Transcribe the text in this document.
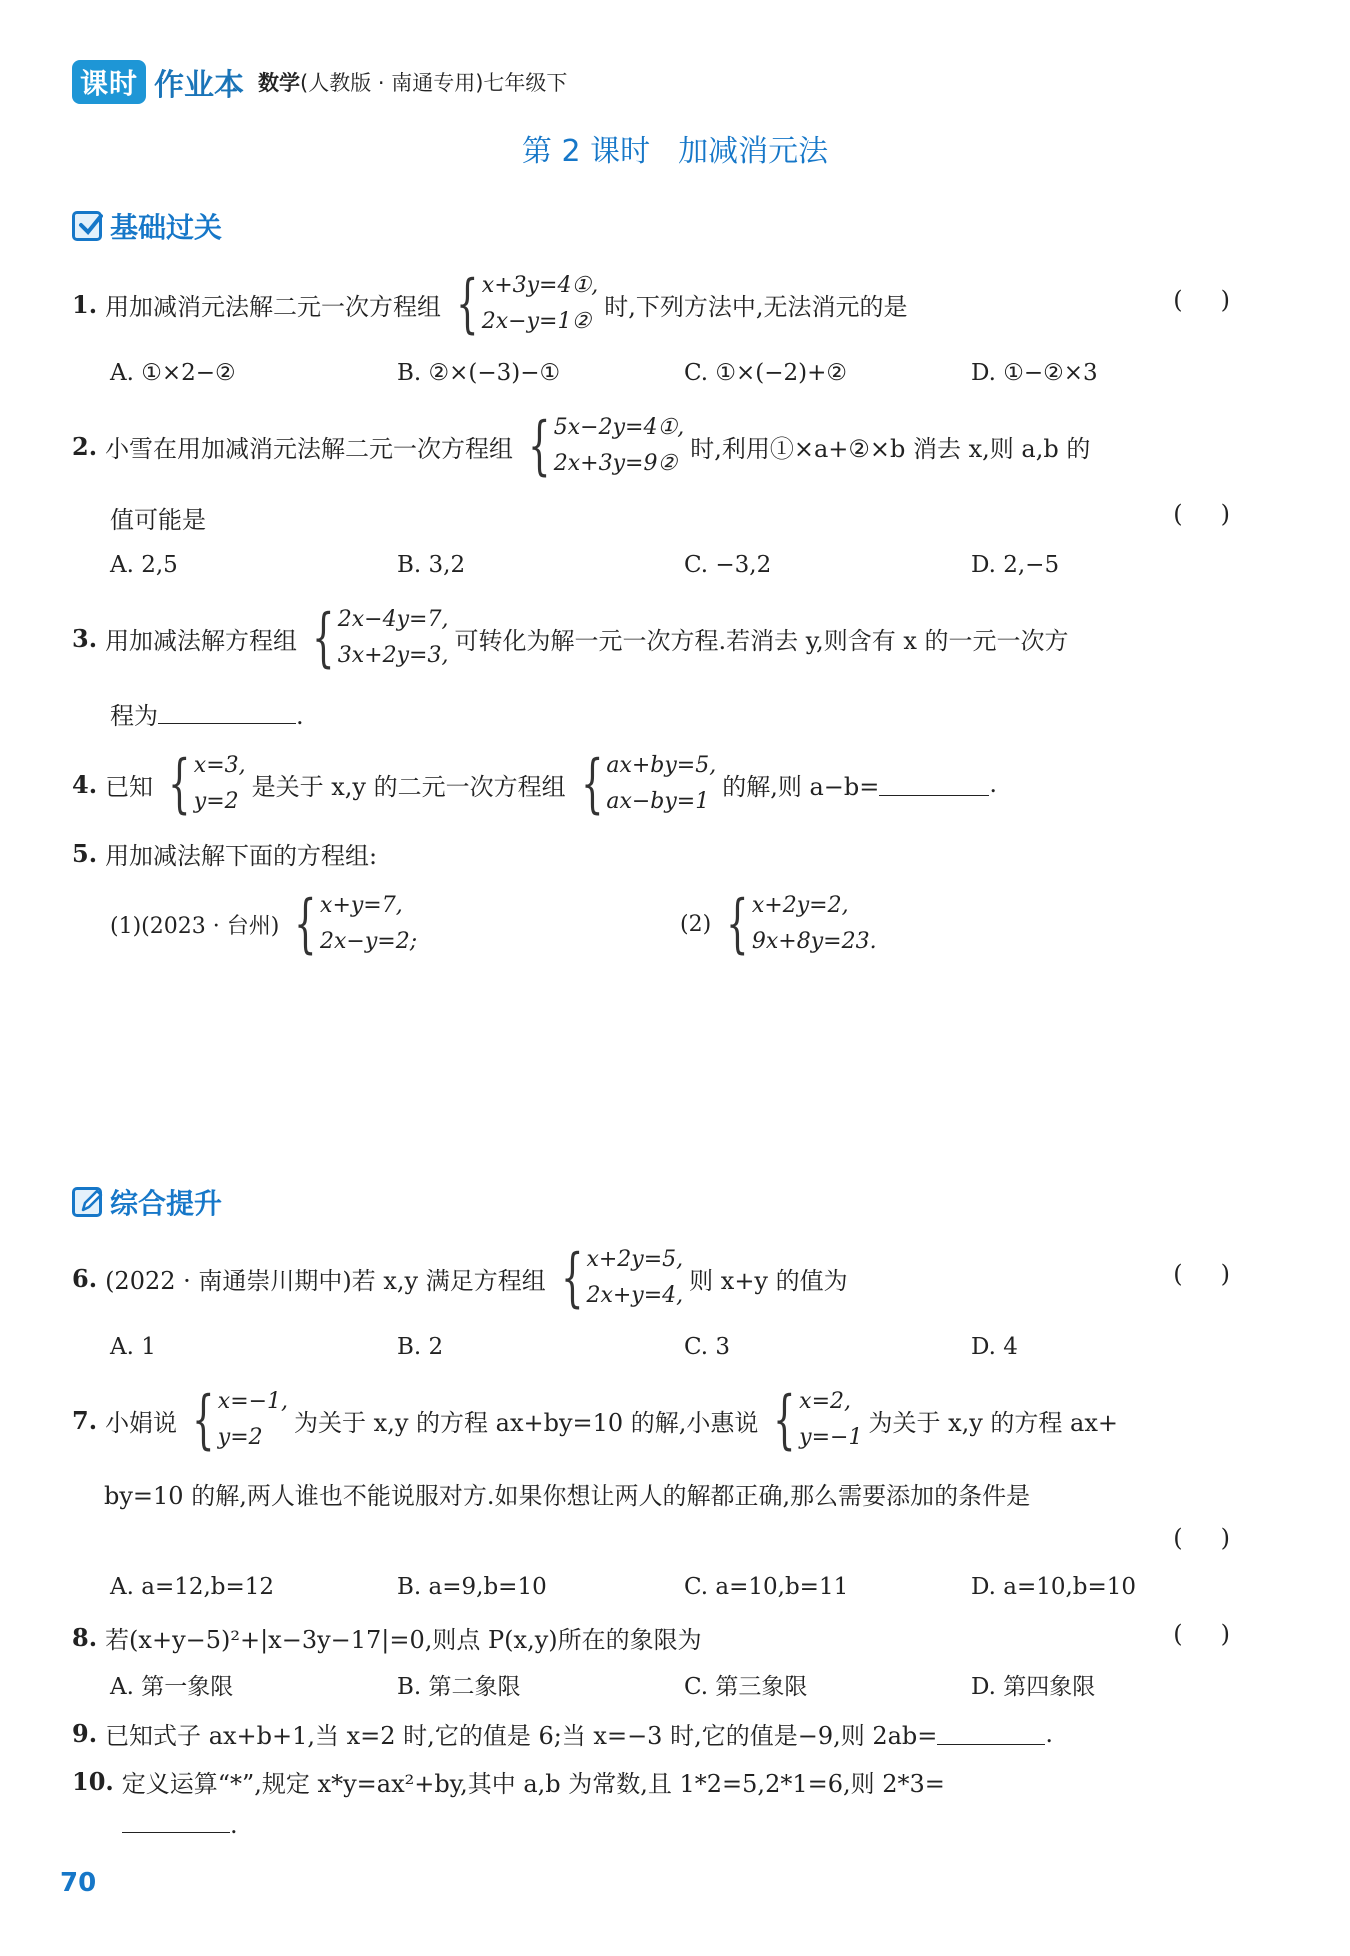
课时 作业本 数学(人教版 · 南通专用)七年级下
第 2 课时 加减消元法
基础过关
1. 用加减消元法解二元一次方程组 { x+3y=4①,
2x−y=1②
时,下列方法中,无法消元的是	()
A. ①×2−②	B. ②×(−3)−①	C. ①×(−2)+②	D. ①−②×3
2. 小雪在用加减消元法解二元一次方程组 { 5x−2y=4①,
2x+3y=9②
时,利用①×a+②×b 消去 x,则 a,b 的
值可能是	()
A. 2,5	B. 3,2	C. −3,2	D. 2,−5
3. 用加减法解方程组 { 2x−4y=7,
3x+2y=3,
可转化为解一元一次方程.若消去 y,则含有 x 的一元一次方
程为	.
4. 已知 { x=3,
y=2
是关于 x,y 的二元一次方程组 { ax+by=5,
ax−by=1
的解,则 a−b=	.
5. 用加减法解下面的方程组:
(1)(2023 · 台州) { x+y=7,
2x−y=2;
(2) { x+2y=2,
9x+8y=23.
综合提升
6. (2022 · 南通崇川期中)若 x,y 满足方程组 { x+2y=5,
2x+y=4,
则 x+y 的值为	()
A. 1	B. 2	C. 3	D. 4
7. 小娟说 { x=−1,
y=2
为关于 x,y 的方程 ax+by=10 的解,小惠说 { x=2,
y=−1
为关于 x,y 的方程 ax+
by=10 的解,两人谁也不能说服对方.如果你想让两人的解都正确,那么需要添加的条件是
()
A. a=12,b=12	B. a=9,b=10	C. a=10,b=11	D. a=10,b=10
8. 若(x+y−5)²+|x−3y−17|=0,则点 P(x,y)所在的象限为	()
A. 第一象限	B. 第二象限	C. 第三象限	D. 第四象限
9. 已知式子 ax+b+1,当 x=2 时,它的值是 6;当 x=−3 时,它的值是−9,则 2ab=	.
10. 定义运算“*”,规定 x*y=ax²+by,其中 a,b 为常数,且 1*2=5,2*1=6,则 2*3=
.
70
